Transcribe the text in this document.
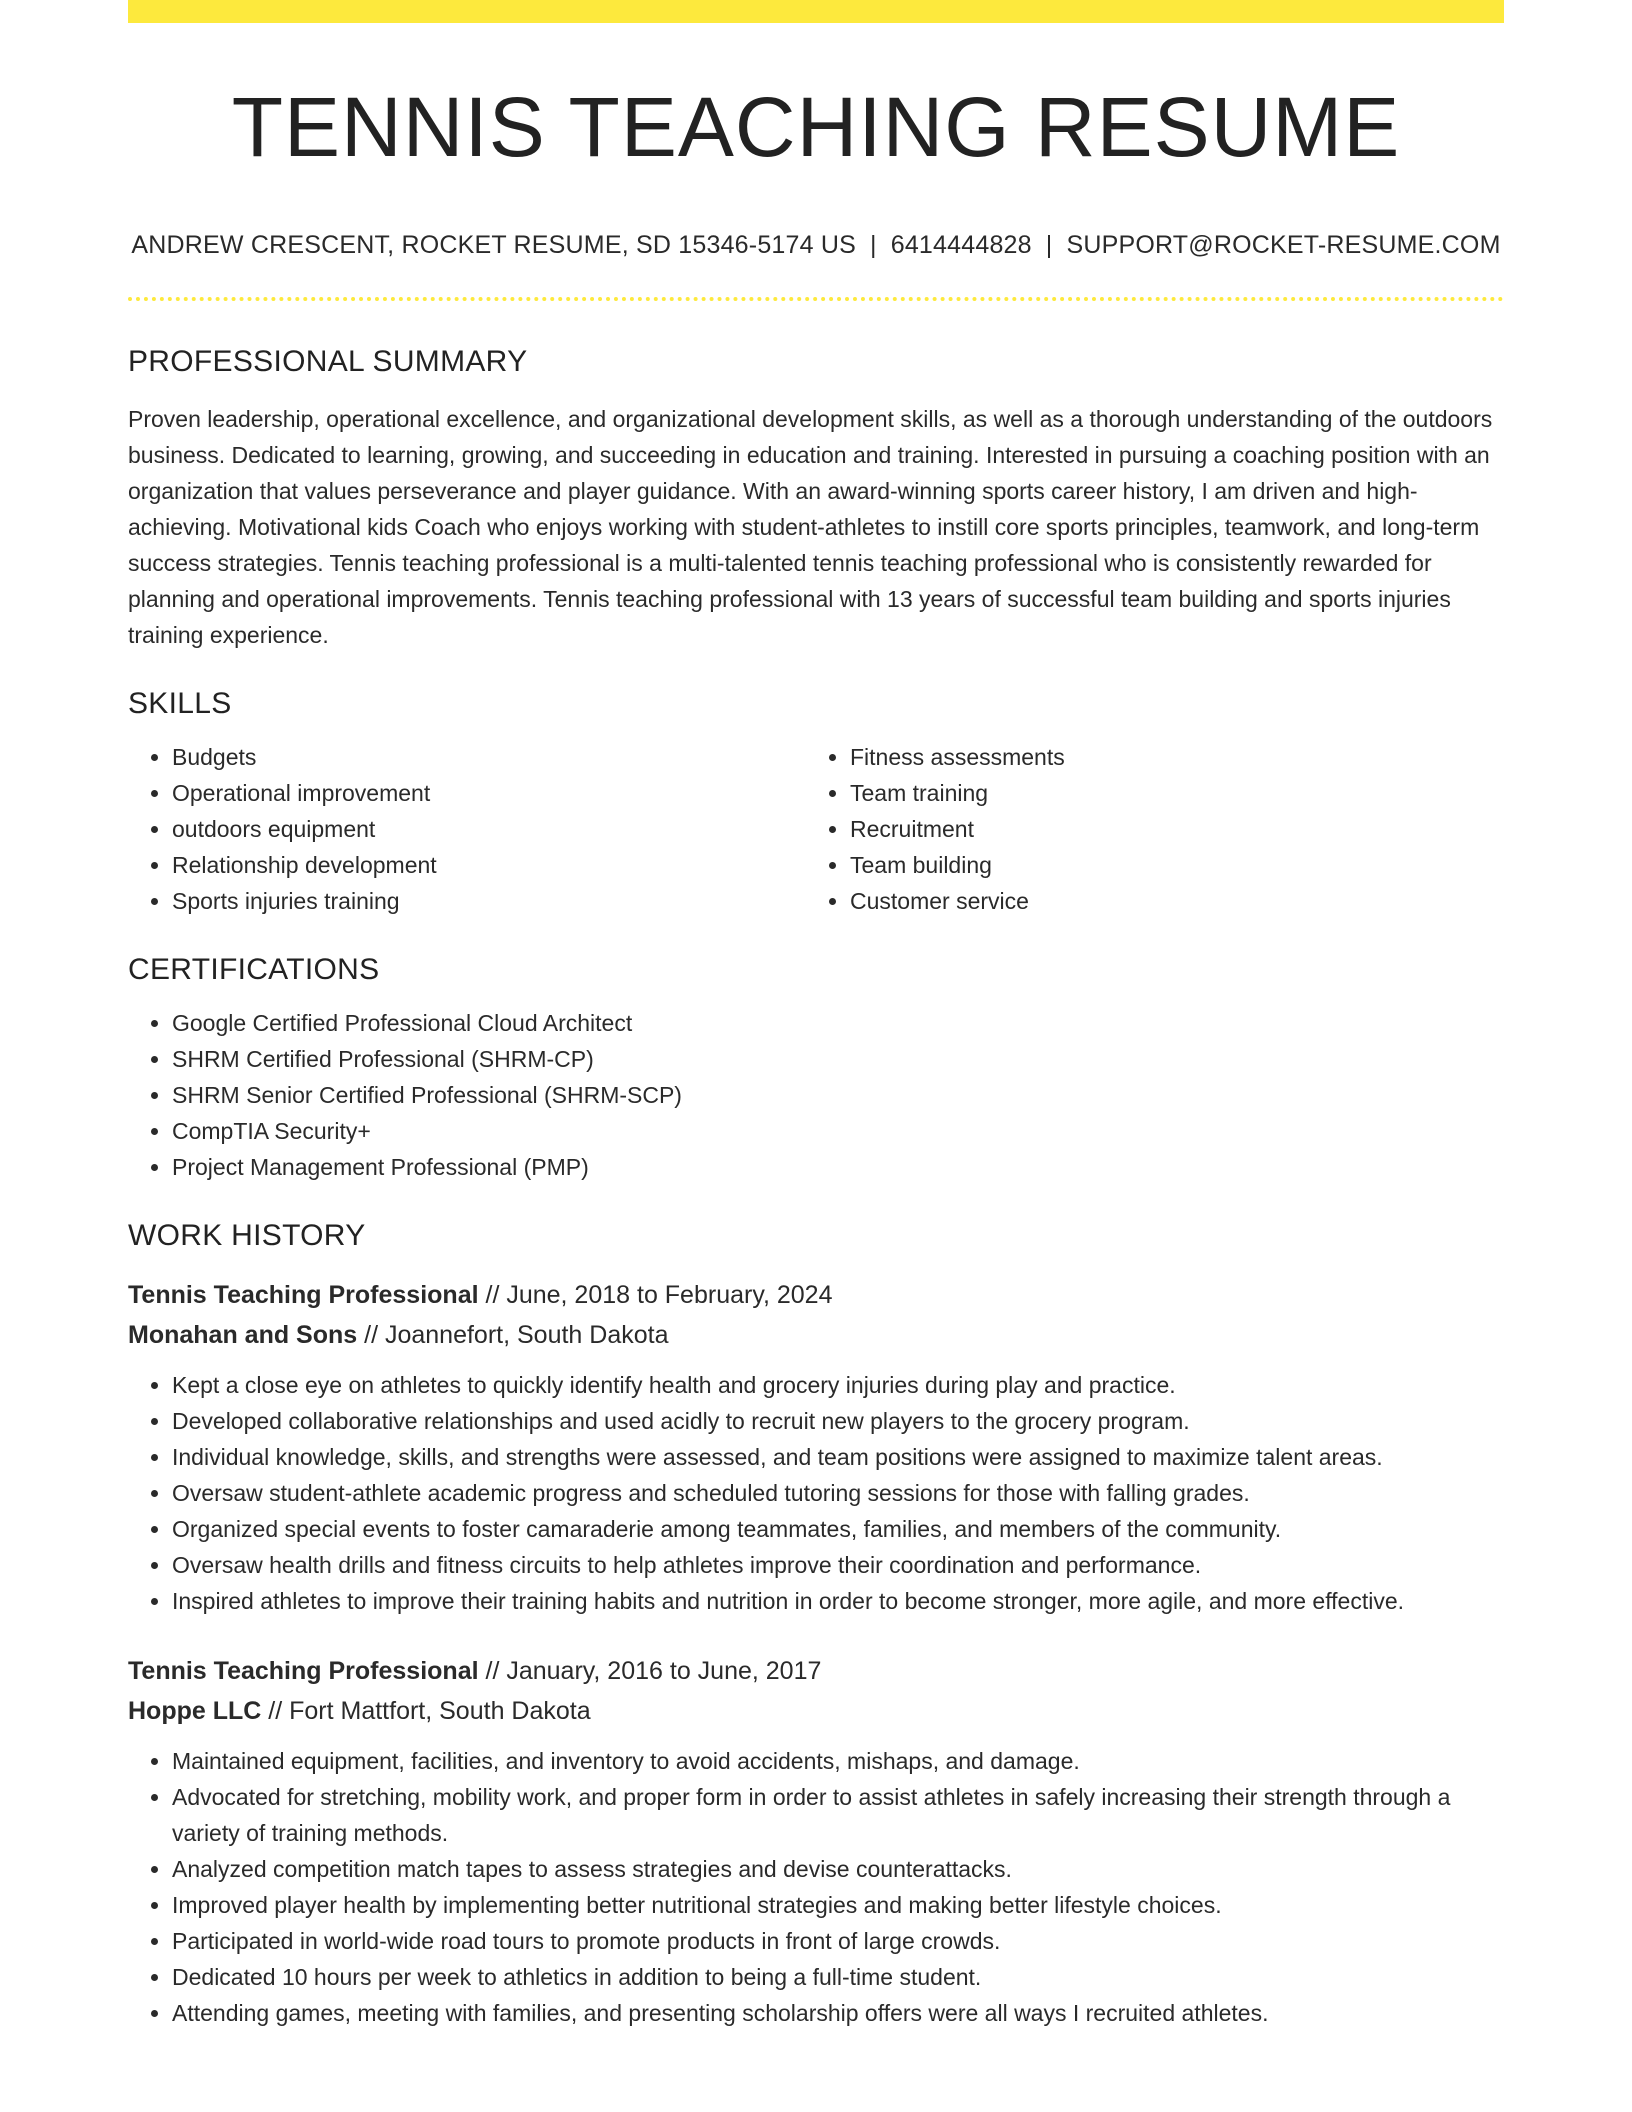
TENNIS TEACHING RESUME
ANDREW CRESCENT, ROCKET RESUME, SD 15346-5174 US | 6414444828 | SUPPORT@ROCKET-RESUME.COM
PROFESSIONAL SUMMARY
Proven leadership, operational excellence, and organizational development skills, as well as a thorough understanding of the outdoors business. Dedicated to learning, growing, and succeeding in education and training. Interested in pursuing a coaching position with an organization that values perseverance and player guidance. With an award-winning sports career history, I am driven and high-achieving. Motivational kids Coach who enjoys working with student-athletes to instill core sports principles, teamwork, and long-term success strategies. Tennis teaching professional is a multi-talented tennis teaching professional who is consistently rewarded for planning and operational improvements. Tennis teaching professional with 13 years of successful team building and sports injuries training experience.
SKILLS
• Budgets
• Operational improvement
• outdoors equipment
• Relationship development
• Sports injuries training
• Fitness assessments
• Team training
• Recruitment
• Team building
• Customer service
CERTIFICATIONS
• Google Certified Professional Cloud Architect
• SHRM Certified Professional (SHRM-CP)
• SHRM Senior Certified Professional (SHRM-SCP)
• CompTIA Security+
• Project Management Professional (PMP)
WORK HISTORY
Tennis Teaching Professional // June, 2018 to February, 2024
Monahan and Sons // Joannefort, South Dakota
• Kept a close eye on athletes to quickly identify health and grocery injuries during play and practice.
• Developed collaborative relationships and used acidly to recruit new players to the grocery program.
• Individual knowledge, skills, and strengths were assessed, and team positions were assigned to maximize talent areas.
• Oversaw student-athlete academic progress and scheduled tutoring sessions for those with falling grades.
• Organized special events to foster camaraderie among teammates, families, and members of the community.
• Oversaw health drills and fitness circuits to help athletes improve their coordination and performance.
• Inspired athletes to improve their training habits and nutrition in order to become stronger, more agile, and more effective.
Tennis Teaching Professional // January, 2016 to June, 2017
Hoppe LLC // Fort Mattfort, South Dakota
• Maintained equipment, facilities, and inventory to avoid accidents, mishaps, and damage.
• Advocated for stretching, mobility work, and proper form in order to assist athletes in safely increasing their strength through a variety of training methods.
• Analyzed competition match tapes to assess strategies and devise counterattacks.
• Improved player health by implementing better nutritional strategies and making better lifestyle choices.
• Participated in world-wide road tours to promote products in front of large crowds.
• Dedicated 10 hours per week to athletics in addition to being a full-time student.
• Attending games, meeting with families, and presenting scholarship offers were all ways I recruited athletes.
